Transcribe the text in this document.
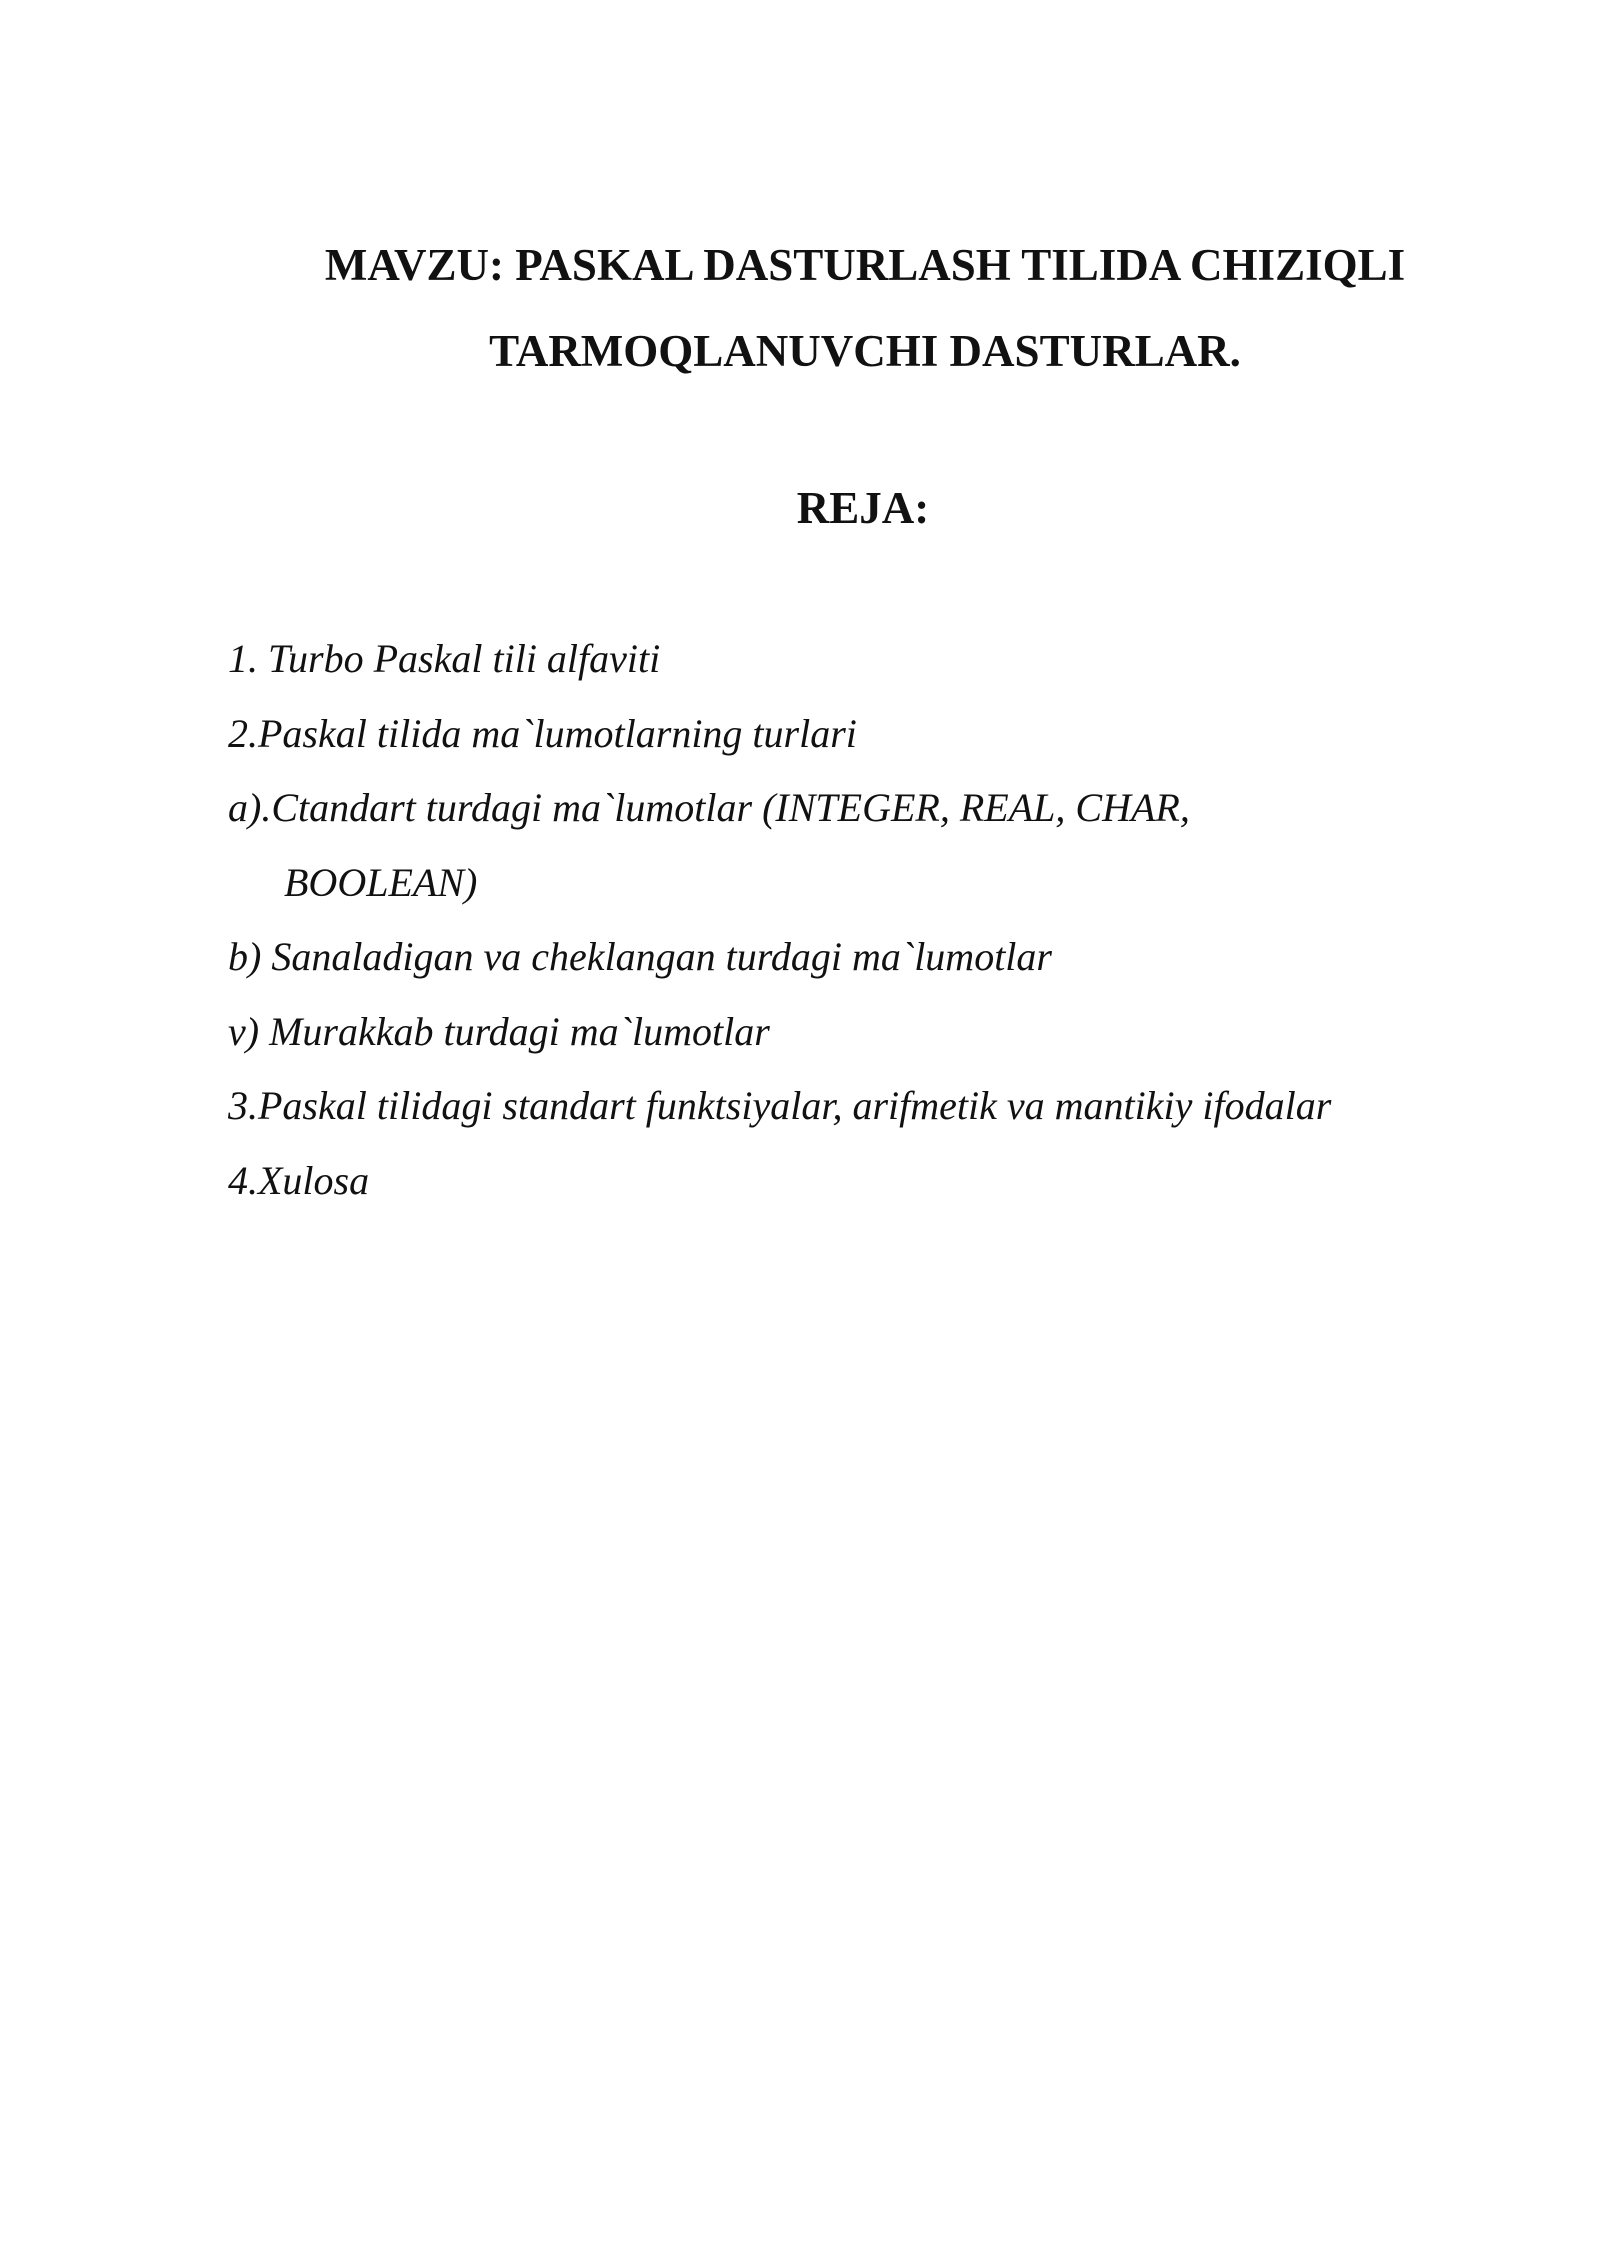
MAVZU: PASKAL DASTURLASH TILIDA CHIZIQLI
TARMOQLANUVCHI DASTURLAR.
REJA:
1. Turbo Paskal tili alfaviti
2.Paskal tilida ma`lumotlarning turlari
a).Ctandart turdagi ma`lumotlar (INTEGER, REAL, CHAR,
BOOLEAN)
b) Sanaladigan va cheklangan turdagi ma`lumotlar
v) Murakkab turdagi ma`lumotlar
3.Paskal tilidagi standart funktsiyalar, arifmetik va mantikiy ifodalar
4.Xulosa
